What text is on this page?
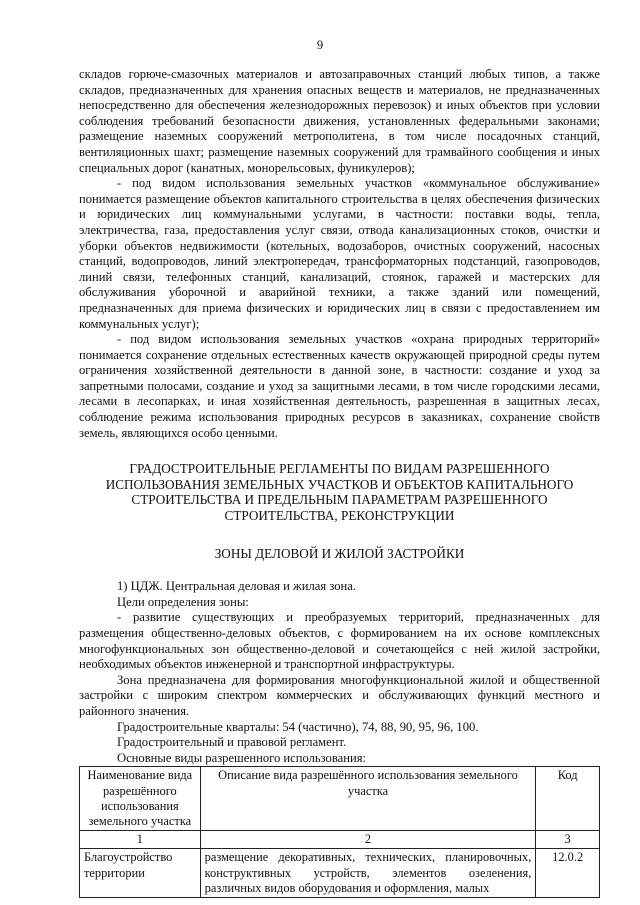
9

складов горюче-смазочных материалов и автозаправочных станций любых типов, а также складов, предназначенных для хранения опасных веществ и материалов, не предназначенных непосредственно для обеспечения железнодорожных перевозок) и иных объектов при условии соблюдения требований безопасности движения, установленных федеральными законами; размещение наземных сооружений метрополитена, в том числе посадочных станций, вентиляционных шахт; размещение наземных сооружений для трамвайного сообщения и иных специальных дорог (канатных, монорельсовых, фуникулеров);

- под видом использования земельных участков «коммунальное обслуживание» понимается размещение объектов капитального строительства в целях обеспечения физических и юридических лиц коммунальными услугами, в частности: поставки воды, тепла, электричества, газа, предоставления услуг связи, отвода канализационных стоков, очистки и уборки объектов недвижимости (котельных, водозаборов, очистных сооружений, насосных станций, водопроводов, линий электропередач, трансформаторных подстанций, газопроводов, линий связи, телефонных станций, канализаций, стоянок, гаражей и мастерских для обслуживания уборочной и аварийной техники, а также зданий или помещений, предназначенных для приема физических и юридических лиц в связи с предоставлением им коммунальных услуг);

- под видом использования земельных участков «охрана природных территорий» понимается сохранение отдельных естественных качеств окружающей природной среды путем ограничения хозяйственной деятельности в данной зоне, в частности: создание и уход за запретными полосами, создание и уход за защитными лесами, в том числе городскими лесами, лесами в лесопарках, и иная хозяйственная деятельность, разрешенная в защитных лесах, соблюдение режима использования природных ресурсов в заказниках, сохранение свойств земель, являющихся особо ценными.

ГРАДОСТРОИТЕЛЬНЫЕ РЕГЛАМЕНТЫ ПО ВИДАМ РАЗРЕШЕННОГО ИСПОЛЬЗОВАНИЯ ЗЕМЕЛЬНЫХ УЧАСТКОВ И ОБЪЕКТОВ КАПИТАЛЬНОГО СТРОИТЕЛЬСТВА И ПРЕДЕЛЬНЫМ ПАРАМЕТРАМ РАЗРЕШЕННОГО СТРОИТЕЛЬСТВА, РЕКОНСТРУКЦИИ
ЗОНЫ ДЕЛОВОЙ И ЖИЛОЙ ЗАСТРОЙКИ

1) ЦДЖ. Центральная деловая и жилая зона.

Цели определения зоны:

- развитие существующих и преобразуемых территорий, предназначенных для размещения общественно-деловых объектов, с формированием на их основе комплексных многофункциональных зон общественно-деловой и сочетающейся с ней жилой застройки, необходимых объектов инженерной и транспортной инфраструктуры.

Зона предназначена для формирования многофункциональной жилой и общественной застройки с широким спектром коммерческих и обслуживающих функций местного и районного значения.

Градостроительные кварталы: 54 (частично), 74, 88, 90, 95, 96, 100.

Градостроительный и правовой регламент.

Основные виды разрешенного использования:

Наименование вида разрешённого использования земельного участка	Описание вида разрешённого использования земельного участка	Код
1	2	3
Благоустройство территории	размещение декоративных, технических, планировочных, конструктивных устройств, элементов озеленения, различных видов оборудования и оформления, малых	12.0.2
